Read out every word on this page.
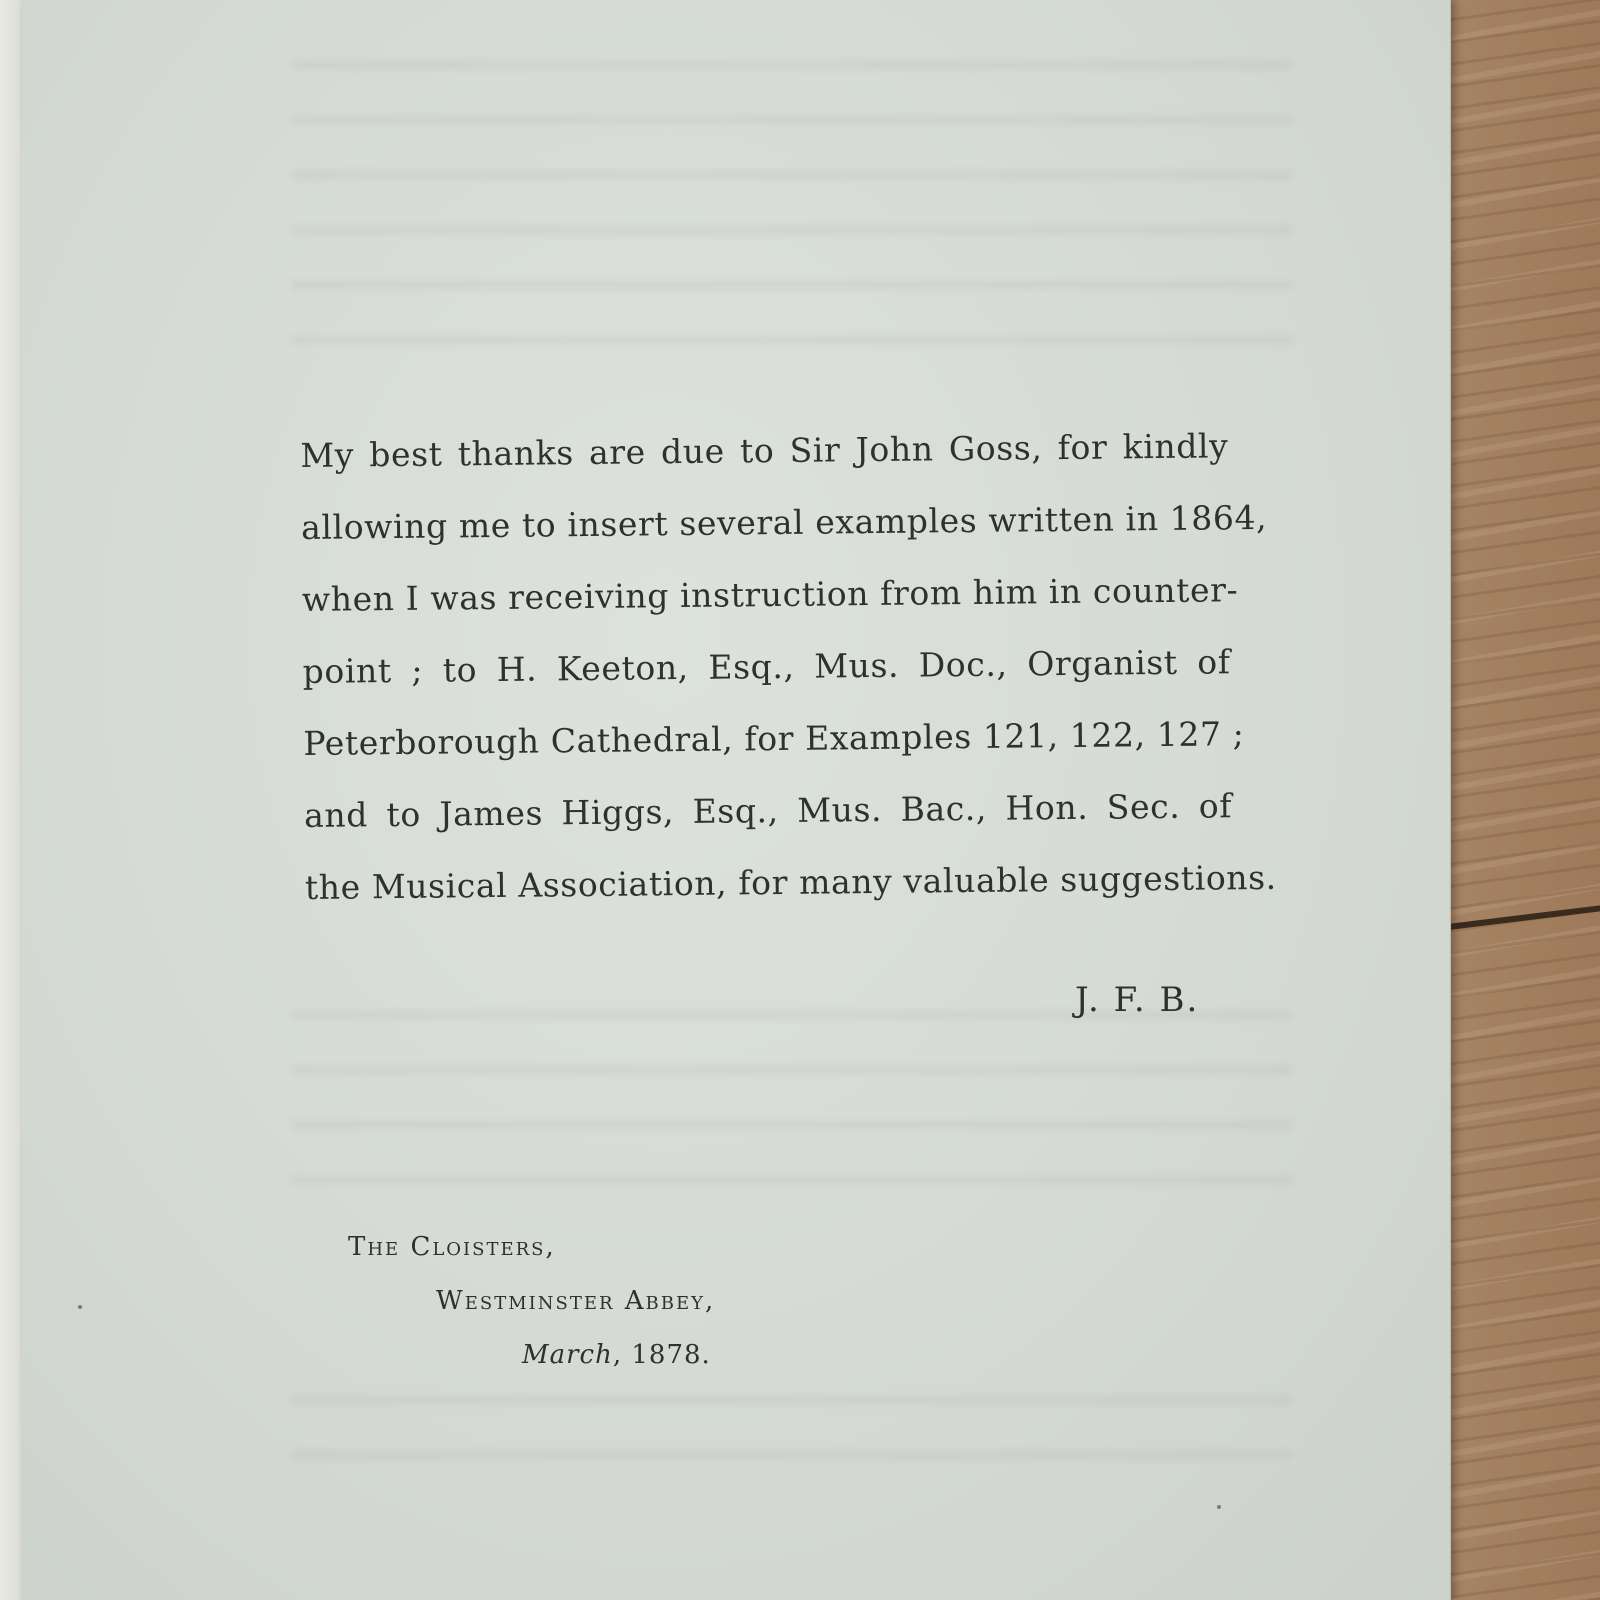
My best thanks are due to Sir John Goss, for kindly
allowing me to insert several examples written in 1864,
when I was receiving instruction from him in counter-
point ; to H. Keeton, Esq., Mus. Doc., Organist of
Peterborough Cathedral, for Examples 121, 122, 127 ;
and to James Higgs, Esq., Mus. Bac., Hon. Sec. of
the Musical Association, for many valuable suggestions.
J. F. B.
The Cloisters,
Westminster Abbey,
March, 1878.
